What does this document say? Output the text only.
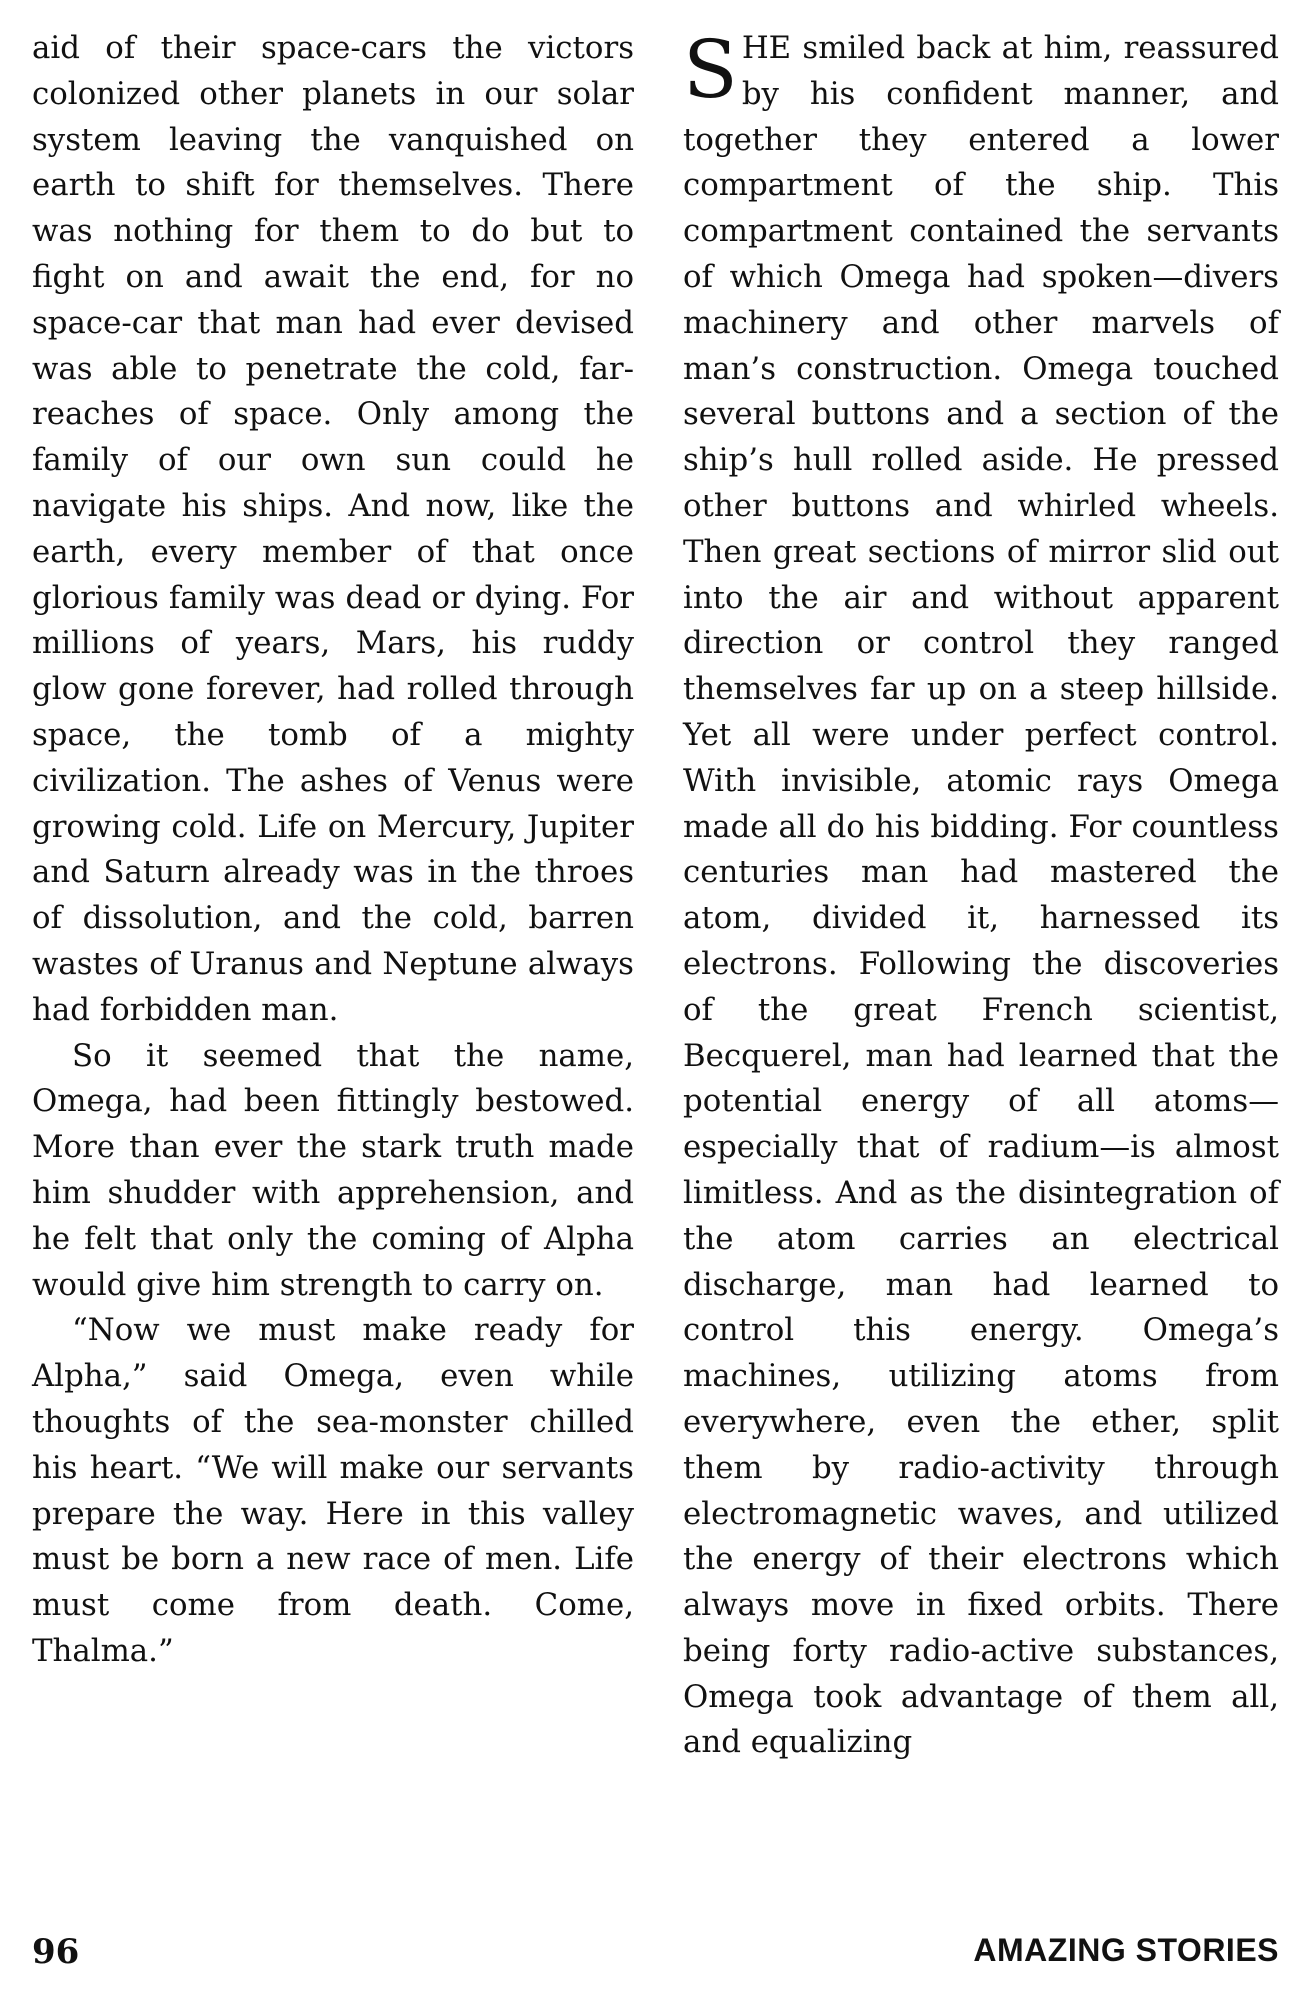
aid of their space-cars the victors colonized other planets in our solar system leaving the vanquished on earth to shift for themselves. There was nothing for them to do but to fight on and await the end, for no space-car that man had ever devised was able to penetrate the cold, far-reaches of space. Only among the family of our own sun could he navigate his ships. And now, like the earth, every member of that once glorious family was dead or dying. For millions of years, Mars, his ruddy glow gone forever, had rolled through space, the tomb of a mighty civilization. The ashes of Venus were growing cold. Life on Mercury, Jupiter and Saturn already was in the throes of dissolution, and the cold, barren wastes of Uranus and Neptune always had forbidden man.

So it seemed that the name, Omega, had been fittingly bestowed. More than ever the stark truth made him shudder with apprehension, and he felt that only the coming of Alpha would give him strength to carry on.

“Now we must make ready for Alpha,” said Omega, even while thoughts of the sea-monster chilled his heart. “We will make our servants prepare the way. Here in this valley must be born a new race of men. Life must come from death. Come, Thalma.”

SHE smiled back at him, reassured by his confident manner, and together they entered a lower compartment of the ship. This compartment contained the servants of which Omega had spoken—divers machinery and other marvels of man’s construction. Omega touched several buttons and a section of the ship’s hull rolled aside. He pressed other buttons and whirled wheels. Then great sections of mirror slid out into the air and without apparent direction or control they ranged themselves far up on a steep hillside. Yet all were under perfect control. With invisible, atomic rays Omega made all do his bidding. For countless centuries man had mastered the atom, divided it, harnessed its electrons. Following the discoveries of the great French scientist, Becquerel, man had learned that the potential energy of all atoms—especially that of radium—is almost limitless. And as the disintegration of the atom carries an electrical discharge, man had learned to control this energy. Omega’s machines, utilizing atoms from everywhere, even the ether, split them by radio-activity through electromagnetic waves, and utilized the energy of their electrons which always move in fixed orbits. There being forty radio-active substances, Omega took advantage of them all, and equalizing

96	AMAZING STORIES
